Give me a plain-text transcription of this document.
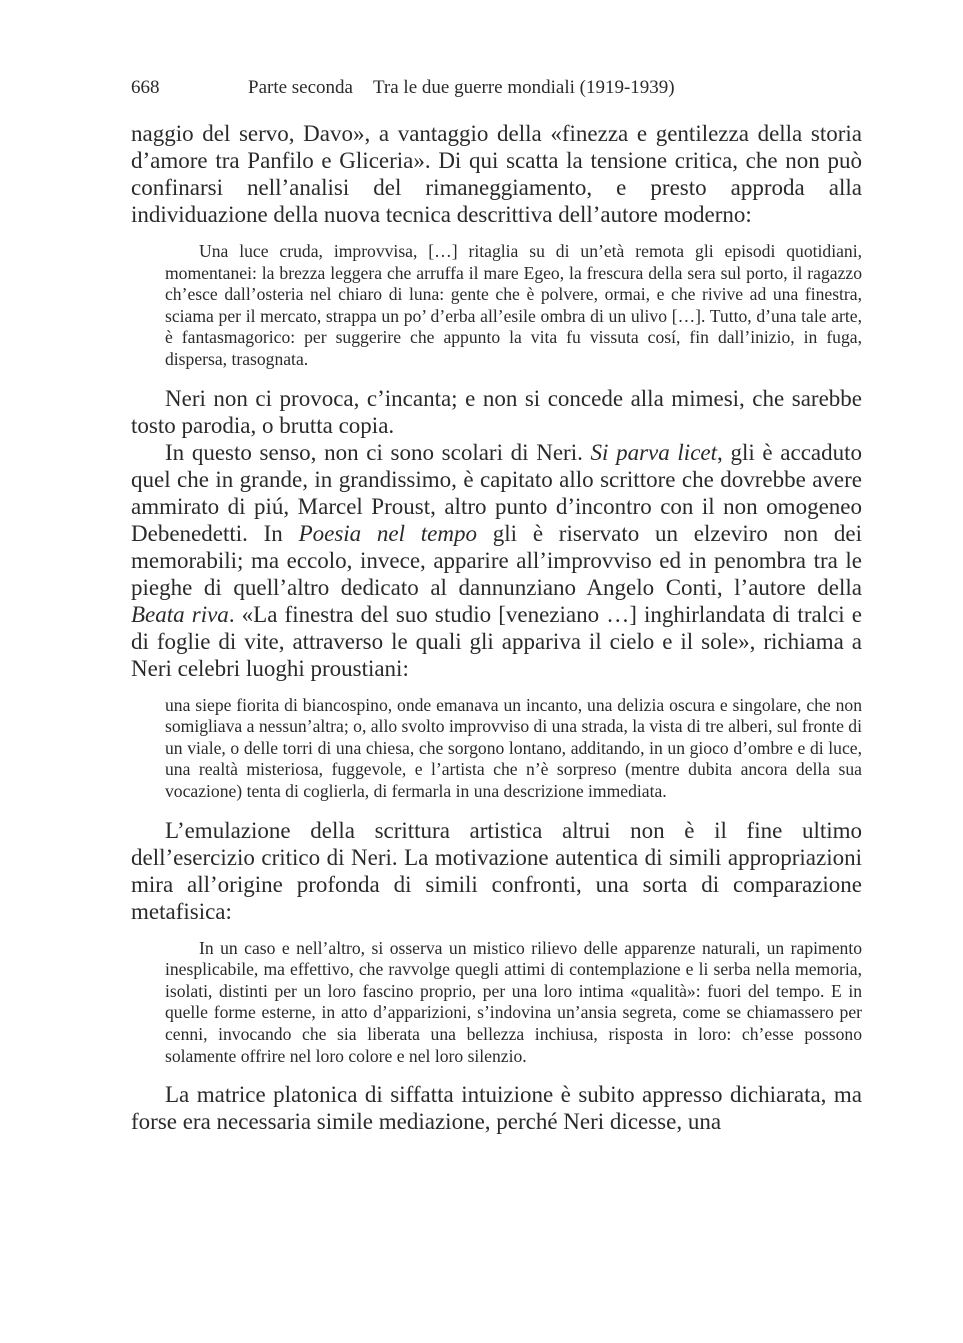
668	Parte seconda Tra le due guerre mondiali (1919-1939)

naggio del servo, Davo», a vantaggio della «finezza e gentilezza della storia d’amore tra Panfilo e Gliceria». Di qui scatta la tensione critica, che non può confinarsi nell’analisi del rimaneggiamento, e presto approda alla individuazione della nuova tecnica descrittiva dell’autore moderno:

Una luce cruda, improvvisa, […] ritaglia su di un’età remota gli episodi quotidiani, momentanei: la brezza leggera che arruffa il mare Egeo, la frescura della sera sul porto, il ragazzo ch’esce dall’osteria nel chiaro di luna: gente che è polvere, ormai, e che rivive ad una finestra, sciama per il mercato, strappa un po’ d’erba all’esile ombra di un ulivo […]. Tutto, d’una tale arte, è fantasmagorico: per suggerire che appunto la vita fu vissuta cosí, fin dall’inizio, in fuga, dispersa, trasognata.

Neri non ci provoca, c’incanta; e non si concede alla mimesi, che sarebbe tosto parodia, o brutta copia.

In questo senso, non ci sono scolari di Neri. Si parva licet, gli è accaduto quel che in grande, in grandissimo, è capitato allo scrittore che dovrebbe avere ammirato di piú, Marcel Proust, altro punto d’incontro con il non omogeneo Debenedetti. In Poesia nel tempo gli è riservato un elzeviro non dei memorabili; ma eccolo, invece, apparire all’improvviso ed in penombra tra le pieghe di quell’altro dedicato al dannunziano Angelo Conti, l’autore della Beata riva. «La finestra del suo studio [veneziano …] inghirlandata di tralci e di foglie di vite, attraverso le quali gli appariva il cielo e il sole», richiama a Neri celebri luoghi proustiani:

una siepe fiorita di biancospino, onde emanava un incanto, una delizia oscura e singolare, che non somigliava a nessun’altra; o, allo svolto improvviso di una strada, la vista di tre alberi, sul fronte di un viale, o delle torri di una chiesa, che sorgono lontano, additando, in un gioco d’ombre e di luce, una realtà misteriosa, fuggevole, e l’artista che n’è sorpreso (mentre dubita ancora della sua vocazione) tenta di coglierla, di fermarla in una descrizione immediata.

L’emulazione della scrittura artistica altrui non è il fine ultimo dell’esercizio critico di Neri. La motivazione autentica di simili appropriazioni mira all’origine profonda di simili confronti, una sorta di comparazione metafisica:

In un caso e nell’altro, si osserva un mistico rilievo delle apparenze naturali, un rapimento inesplicabile, ma effettivo, che ravvolge quegli attimi di contemplazione e li serba nella memoria, isolati, distinti per un loro fascino proprio, per una loro intima «qualità»: fuori del tempo. E in quelle forme esterne, in atto d’apparizioni, s’indovina un’ansia segreta, come se chiamassero per cenni, invocando che sia liberata una bellezza inchiusa, risposta in loro: ch’esse possono solamente offrire nel loro colore e nel loro silenzio.

La matrice platonica di siffatta intuizione è subito appresso dichiarata, ma forse era necessaria simile mediazione, perché Neri dicesse, una
